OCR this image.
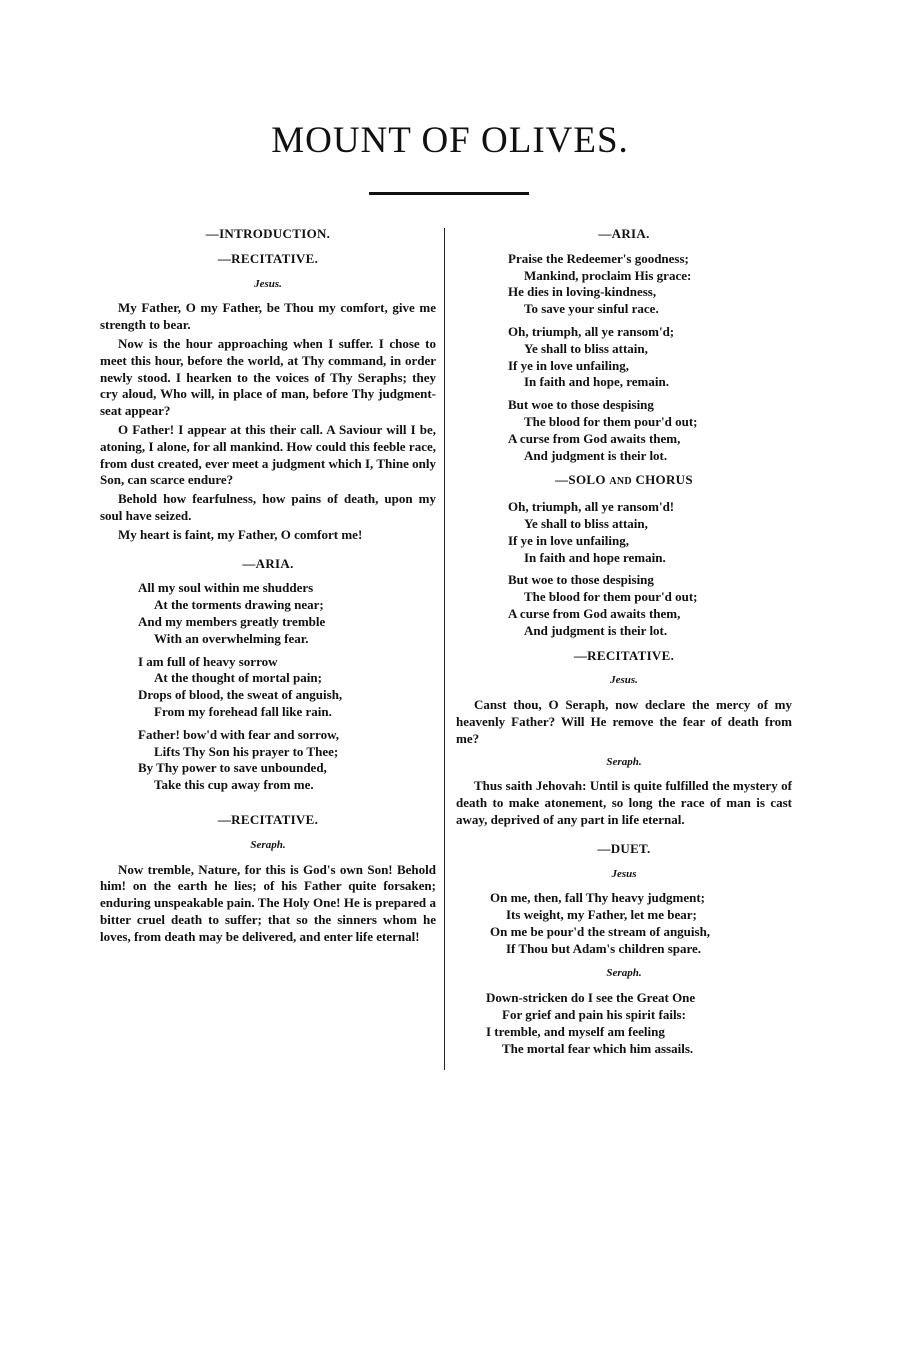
MOUNT OF OLIVES.
—INTRODUCTION.
—RECITATIVE.
Jesus.

My Father, O my Father, be Thou my comfort, give me strength to bear.

Now is the hour approaching when I suffer. I chose to meet this hour, before the world, at Thy command, in order newly stood. I hearken to the voices of Thy Seraphs; they cry aloud, Who will, in place of man, before Thy judgment-seat appear?

O Father! I appear at this their call. A Saviour will I be, atoning, I alone, for all mankind. How could this feeble race, from dust created, ever meet a judgment which I, Thine only Son, can scarce endure?

Behold how fearfulness, how pains of death, upon my soul have seized.

My heart is faint, my Father, O comfort me!

—ARIA.
All my soul within me shudders
At the torments drawing near;
And my members greatly tremble
With an overwhelming fear.
I am full of heavy sorrow
At the thought of mortal pain;
Drops of blood, the sweat of anguish,
From my forehead fall like rain.
Father! bow'd with fear and sorrow,
Lifts Thy Son his prayer to Thee;
By Thy power to save unbounded,
Take this cup away from me.
—RECITATIVE.
Seraph.

Now tremble, Nature, for this is God's own Son! Behold him! on the earth he lies; of his Father quite forsaken; enduring unspeakable pain. The Holy One! He is prepared a bitter cruel death to suffer; that so the sinners whom he loves, from death may be delivered, and enter life eternal!

—ARIA.
Praise the Redeemer's goodness;
Mankind, proclaim His grace:
He dies in loving-kindness,
To save your sinful race.
Oh, triumph, all ye ransom'd;
Ye shall to bliss attain,
If ye in love unfailing,
In faith and hope, remain.
But woe to those despising
The blood for them pour'd out;
A curse from God awaits them,
And judgment is their lot.
—SOLO AND CHORUS
Oh, triumph, all ye ransom'd!
Ye shall to bliss attain,
If ye in love unfailing,
In faith and hope remain.
But woe to those despising
The blood for them pour'd out;
A curse from God awaits them,
And judgment is their lot.
—RECITATIVE.
Jesus.

Canst thou, O Seraph, now declare the mercy of my heavenly Father? Will He remove the fear of death from me?

Seraph.

Thus saith Jehovah: Until is quite fulfilled the mystery of death to make atonement, so long the race of man is cast away, deprived of any part in life eternal.

—DUET.
Jesus
On me, then, fall Thy heavy judgment;
Its weight, my Father, let me bear;
On me be pour'd the stream of anguish,
If Thou but Adam's children spare.
Seraph.
Down-stricken do I see the Great One
For grief and pain his spirit fails:
I tremble, and myself am feeling
The mortal fear which him assails.
